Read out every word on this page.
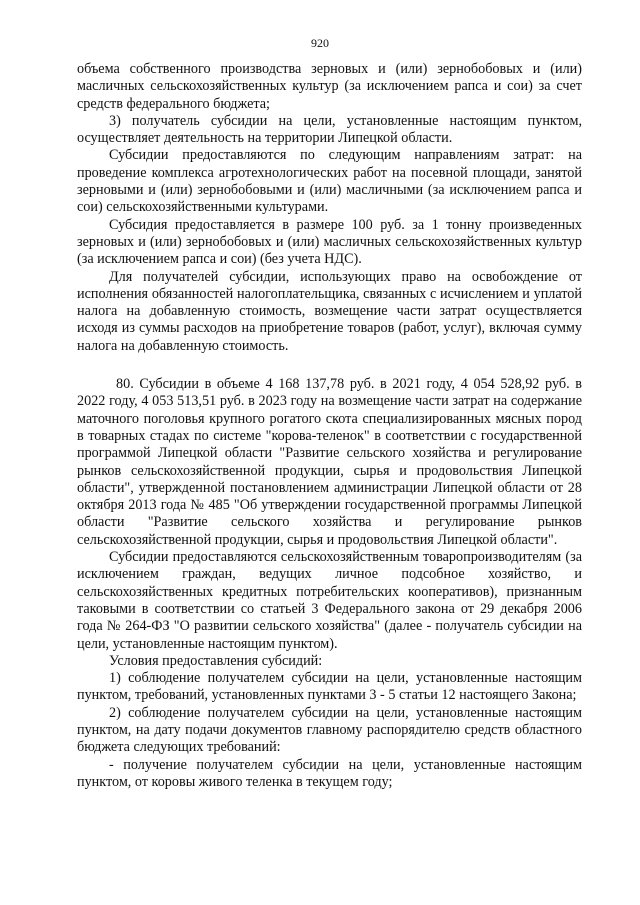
920

объема собственного производства зерновых и (или) зернобобовых и (или) масличных сельскохозяйственных культур (за исключением рапса и сои) за счет средств федерального бюджета;

3) получатель субсидии на цели, установленные настоящим пунктом, осуществляет деятельность на территории Липецкой области.

Субсидии предоставляются по следующим направлениям затрат: на проведение комплекса агротехнологических работ на посевной площади, занятой зерновыми и (или) зернобобовыми и (или) масличными (за исключением рапса и сои) сельскохозяйственными культурами.

Субсидия предоставляется в размере 100 руб. за 1 тонну произведенных зерновых и (или) зернобобовых и (или) масличных сельскохозяйственных культур (за исключением рапса и сои) (без учета НДС).

Для получателей субсидии, использующих право на освобождение от исполнения обязанностей налогоплательщика, связанных с исчислением и уплатой налога на добавленную стоимость, возмещение части затрат осуществляется исходя из суммы расходов на приобретение товаров (работ, услуг), включая сумму налога на добавленную стоимость.

80. Субсидии в объеме 4 168 137,78 руб. в 2021 году, 4 054 528,92 руб. в 2022 году, 4 053 513,51 руб. в 2023 году на возмещение части затрат на содержание маточного поголовья крупного рогатого скота специализированных мясных пород в товарных стадах по системе "корова-теленок" в соответствии с государственной программой Липецкой области "Развитие сельского хозяйства и регулирование рынков сельскохозяйственной продукции, сырья и продовольствия Липецкой области", утвержденной постановлением администрации Липецкой области от 28 октября 2013 года № 485 "Об утверждении государственной программы Липецкой области "Развитие сельского хозяйства и регулирование рынков сельскохозяйственной продукции, сырья и продовольствия Липецкой области".

Субсидии предоставляются сельскохозяйственным товаропроизводителям (за исключением граждан, ведущих личное подсобное хозяйство, и сельскохозяйственных кредитных потребительских кооперативов), признанным таковыми в соответствии со статьей 3 Федерального закона от 29 декабря 2006 года № 264-ФЗ "О развитии сельского хозяйства" (далее - получатель субсидии на цели, установленные настоящим пунктом).

Условия предоставления субсидий:

1) соблюдение получателем субсидии на цели, установленные настоящим пунктом, требований, установленных пунктами 3 - 5 статьи 12 настоящего Закона;

2) соблюдение получателем субсидии на цели, установленные настоящим пунктом, на дату подачи документов главному распорядителю средств областного бюджета следующих требований:

- получение получателем субсидии на цели, установленные настоящим пунктом, от коровы живого теленка в текущем году;
